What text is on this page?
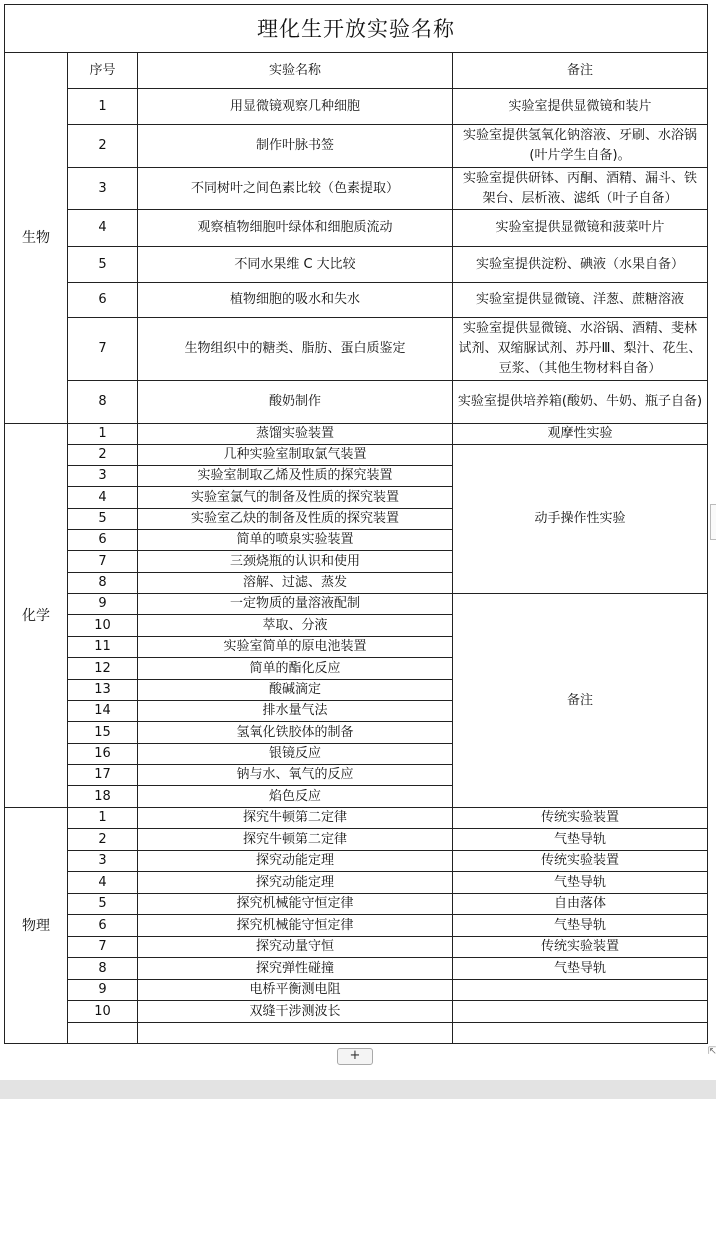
理化生开放实验名称			
生物	序号	实验名称	备注
	1	用显微镜观察几种细胞	实验室提供显微镜和装片
	2	制作叶脉书签	实验室提供氢氧化钠溶液、牙刷、水浴锅(叶片学生自备)。
	3	不同树叶之间色素比较（色素提取）	实验室提供研钵、丙酮、酒精、漏斗、铁架台、层析液、滤纸（叶子自备）
	4	观察植物细胞叶绿体和细胞质流动	实验室提供显微镜和菠菜叶片
	5	不同水果维 C 大比较	实验室提供淀粉、碘液（水果自备）
	6	植物细胞的吸水和失水	实验室提供显微镜、洋葱、蔗糖溶液
	7	生物组织中的糖类、脂肪、蛋白质鉴定	实验室提供显微镜、水浴锅、酒精、斐林试剂、双缩脲试剂、苏丹Ⅲ、梨汁、花生、豆浆、（其他生物材料自备）
	8	酸奶制作	实验室提供培养箱(酸奶、牛奶、瓶子自备)
化学	1	蒸馏实验装置	观摩性实验
	2	几种实验室制取氯气装置	动手操作性实验
	3	实验室制取乙烯及性质的探究装置	
	4	实验室氯气的制备及性质的探究装置	
	5	实验室乙炔的制备及性质的探究装置	
	6	简单的喷泉实验装置	
	7	三颈烧瓶的认识和使用	
	8	溶解、过滤、蒸发	
	9	一定物质的量溶液配制	备注
	10	萃取、分液	
	11	实验室简单的原电池装置	
	12	简单的酯化反应	
	13	酸碱滴定	
	14	排水量气法	
	15	氢氧化铁胶体的制备	
	16	银镜反应	
	17	钠与水、氧气的反应	
	18	焰色反应	
物理	1	探究牛顿第二定律	传统实验装置
	2	探究牛顿第二定律	气垫导轨
	3	探究动能定理	传统实验装置
	4	探究动能定理	气垫导轨
	5	探究机械能守恒定律	自由落体
	6	探究机械能守恒定律	气垫导轨
	7	探究动量守恒	传统实验装置
	8	探究弹性碰撞	气垫导轨
	9	电桥平衡测电阻	
	10	双缝干涉测波长	

⇱
+
